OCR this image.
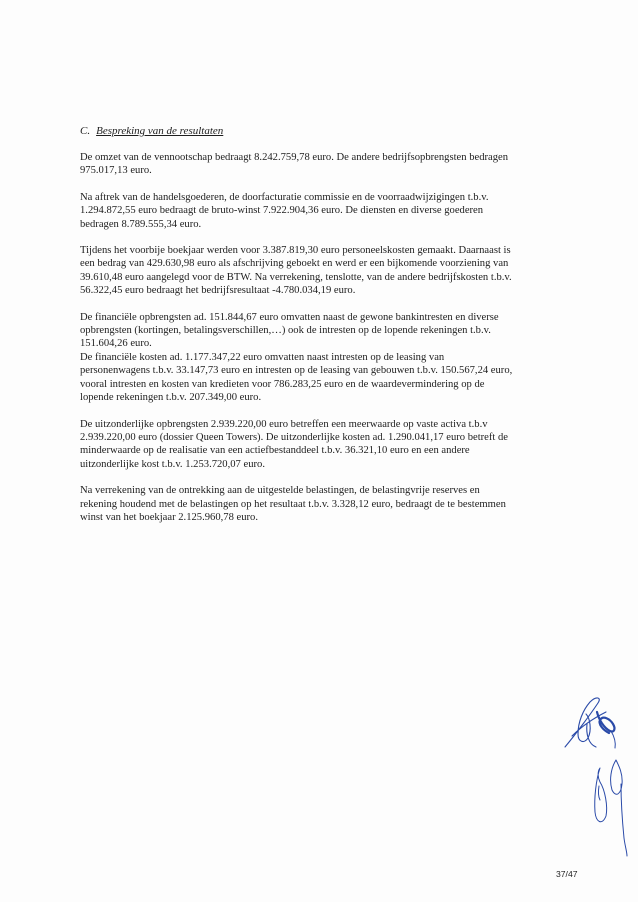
C. Bespreking van de resultaten

De omzet van de vennootschap bedraagt 8.242.759,78 euro. De andere bedrijfsopbrengsten bedragen
975.017,13 euro.

Na aftrek van de handelsgoederen, de doorfacturatie commissie en de voorraadwijzigingen t.b.v.
1.294.872,55 euro bedraagt de bruto-winst 7.922.904,36 euro. De diensten en diverse goederen
bedragen 8.789.555,34 euro.

Tijdens het voorbije boekjaar werden voor 3.387.819,30 euro personeelskosten gemaakt. Daarnaast is
een bedrag van 429.630,98 euro als afschrijving geboekt en werd er een bijkomende voorziening van
39.610,48 euro aangelegd voor de BTW. Na verrekening, tenslotte, van de andere bedrijfskosten t.b.v.
56.322,45 euro bedraagt het bedrijfsresultaat -4.780.034,19 euro.

De financiële opbrengsten ad. 151.844,67 euro omvatten naast de gewone bankintresten en diverse
opbrengsten (kortingen, betalingsverschillen,…) ook de intresten op de lopende rekeningen t.b.v.
151.604,26 euro.
De financiële kosten ad. 1.177.347,22 euro omvatten naast intresten op de leasing van
personenwagens t.b.v. 33.147,73 euro en intresten op de leasing van gebouwen t.b.v. 150.567,24 euro,
vooral intresten en kosten van kredieten voor 786.283,25 euro en de waardevermindering op de
lopende rekeningen t.b.v. 207.349,00 euro.

De uitzonderlijke opbrengsten 2.939.220,00 euro betreffen een meerwaarde op vaste activa t.b.v
2.939.220,00 euro (dossier Queen Towers). De uitzonderlijke kosten ad. 1.290.041,17 euro betreft de
minderwaarde op de realisatie van een actiefbestanddeel t.b.v. 36.321,10 euro en een andere
uitzonderlijke kost t.b.v. 1.253.720,07 euro.

Na verrekening van de ontrekking aan de uitgestelde belastingen, de belastingvrije reserves en
rekening houdend met de belastingen op het resultaat t.b.v. 3.328,12 euro, bedraagt de te bestemmen
winst van het boekjaar 2.125.960,78 euro.

37/47
